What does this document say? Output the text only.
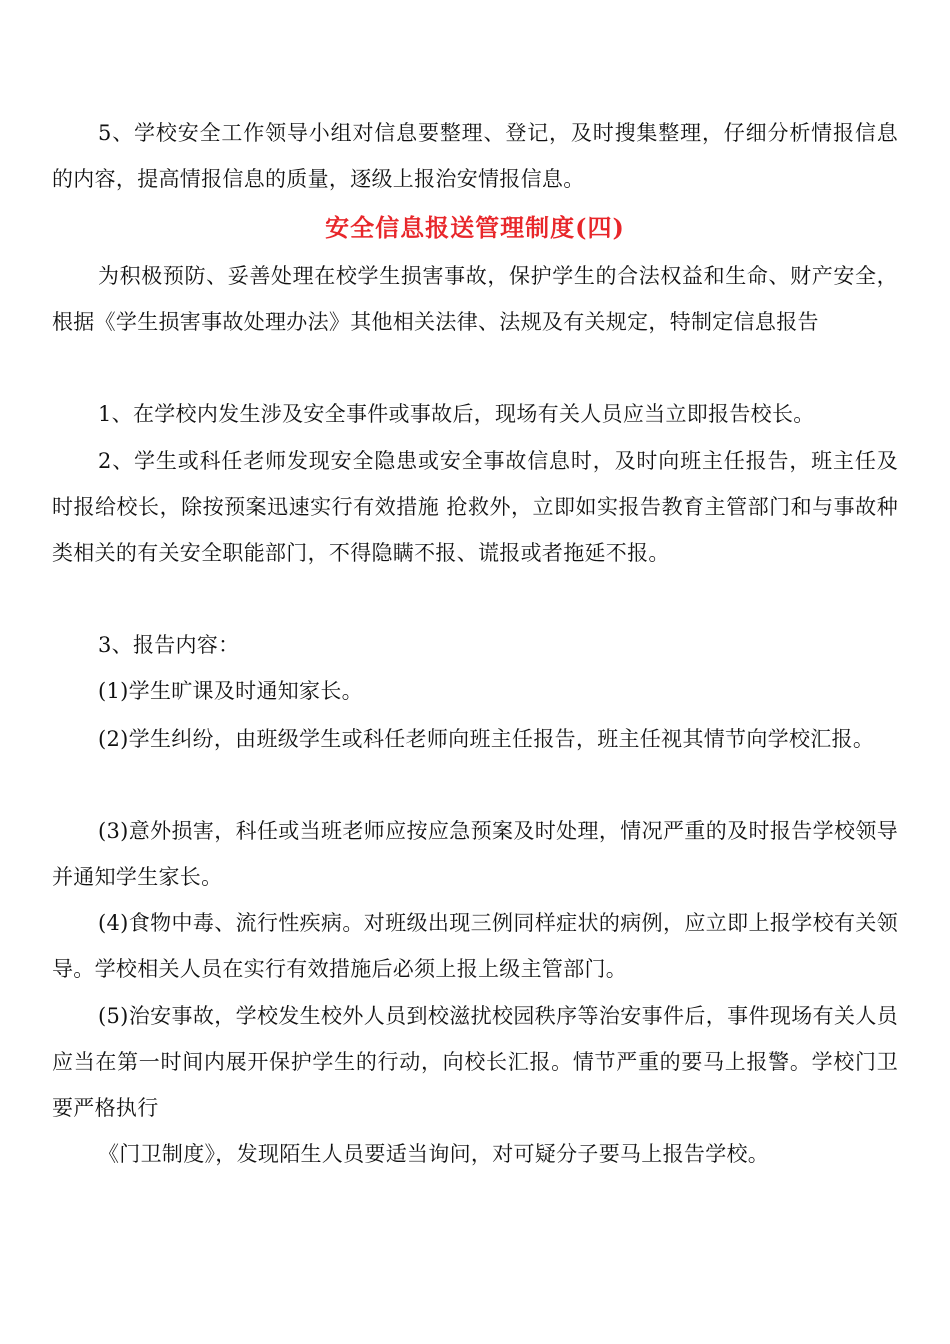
5、学校安全工作领导小组对信息要整理、登记，及时搜集整理，仔细分析情报信息的内容，提高情报信息的质量，逐级上报治安情报信息。

安全信息报送管理制度(四)

为积极预防、妥善处理在校学生损害事故，保护学生的合法权益和生命、财产安全，根据《学生损害事故处理办法》其他相关法律、法规及有关规定，特制定信息报告

1、在学校内发生涉及安全事件或事故后，现场有关人员应当立即报告校长。

2、学生或科任老师发现安全隐患或安全事故信息时，及时向班主任报告，班主任及时报给校长，除按预案迅速实行有效措施 抢救外，立即如实报告教育主管部门和与事故种类相关的有关安全职能部门，不得隐瞒不报、谎报或者拖延不报。

3、报告内容：

(1)学生旷课及时通知家长。

(2)学生纠纷，由班级学生或科任老师向班主任报告，班主任视其情节向学校汇报。

(3)意外损害，科任或当班老师应按应急预案及时处理，情况严重的及时报告学校领导并通知学生家长。

(4)食物中毒、流行性疾病。对班级出现三例同样症状的病例，应立即上报学校有关领导。学校相关人员在实行有效措施后必须上报上级主管部门。

(5)治安事故，学校发生校外人员到校滋扰校园秩序等治安事件后，事件现场有关人员应当在第一时间内展开保护学生的行动，向校长汇报。情节严重的要马上报警。学校门卫要严格执行

《门卫制度》，发现陌生人员要适当询问，对可疑分子要马上报告学校。
